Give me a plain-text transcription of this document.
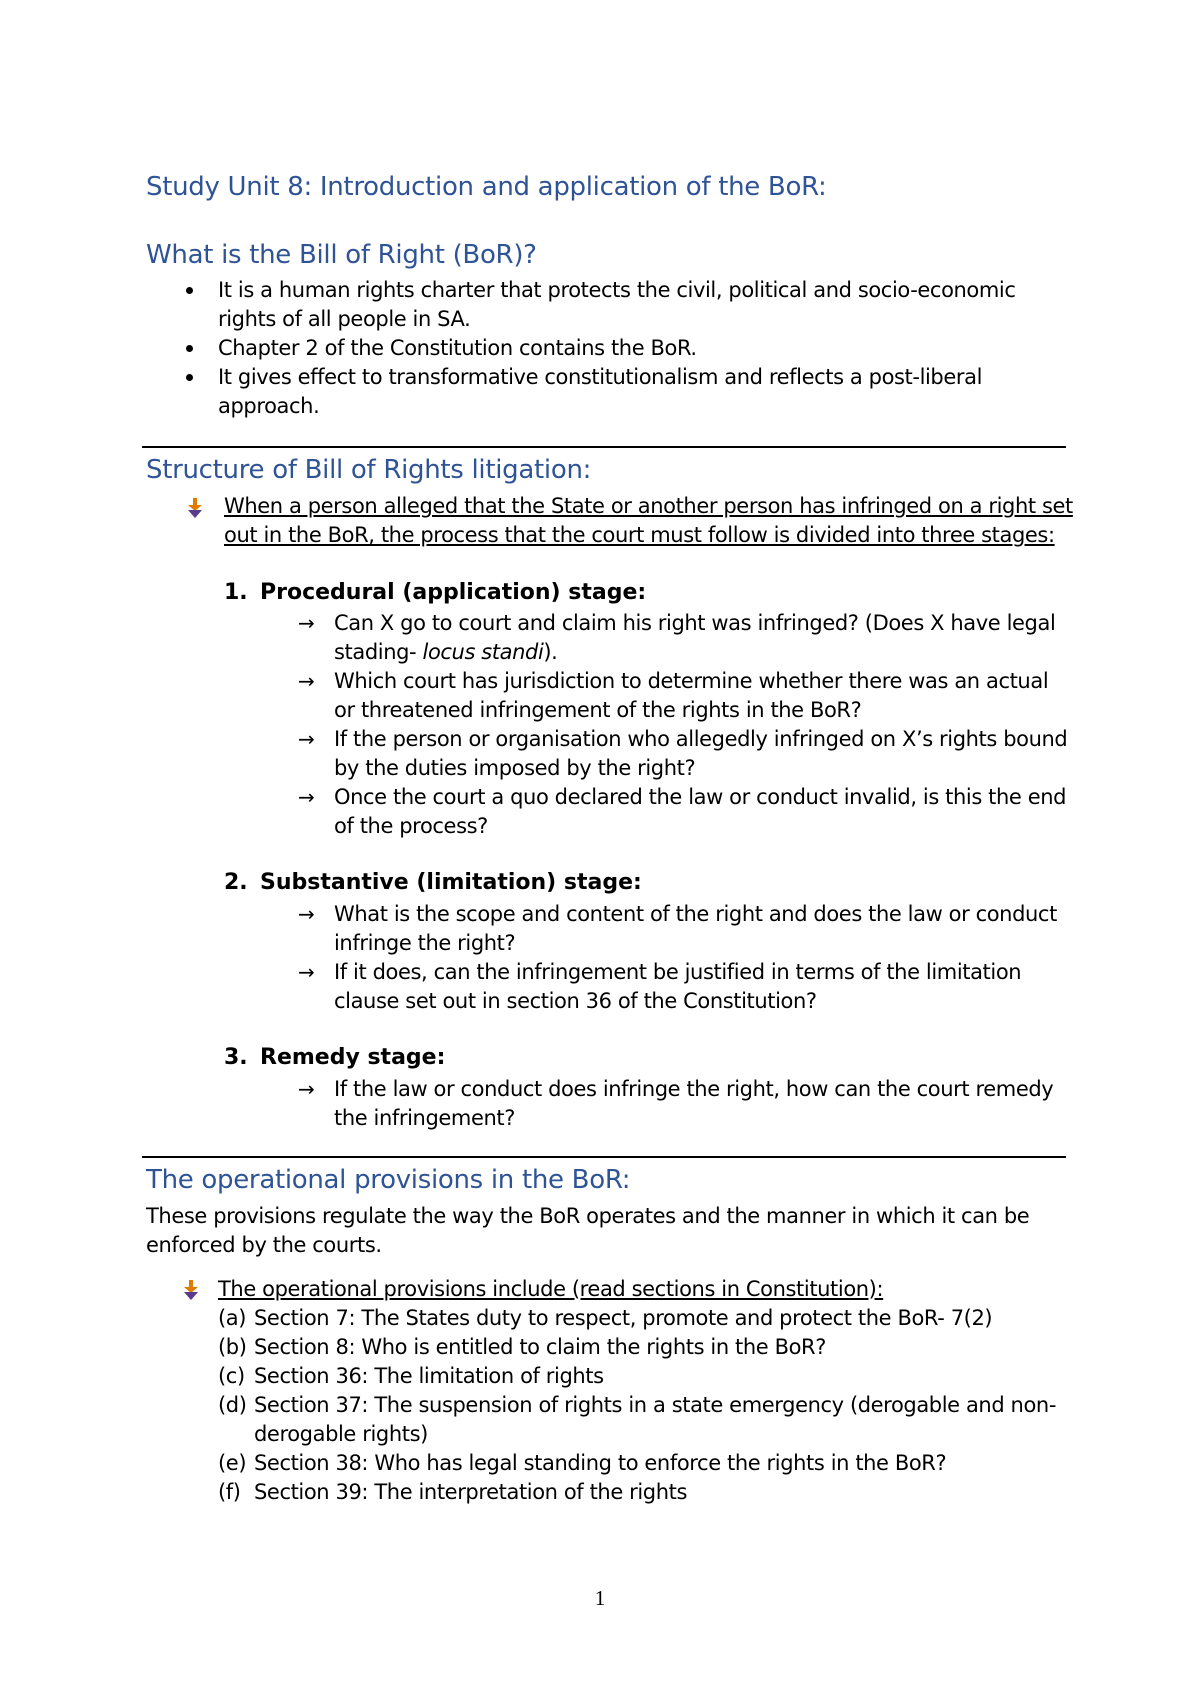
Study Unit 8: Introduction and application of the BoR:
What is the Bill of Right (BoR)?
It is a human rights charter that protects the civil, political and socio-economic rights of all people in SA.
Chapter 2 of the Constitution contains the BoR.
It gives effect to transformative constitutionalism and reflects a post-liberal approach.
Structure of Bill of Rights litigation:

When a person alleged that the State or another person has infringed on a right set out in the BoR, the process that the court must follow is divided into three stages:

1. Procedural (application) stage:
→ Can X go to court and claim his right was infringed? (Does X have legal stading- locus standi).
→ Which court has jurisdiction to determine whether there was an actual or threatened infringement of the rights in the BoR?
→ If the person or organisation who allegedly infringed on X’s rights bound by the duties imposed by the right?
→ Once the court a quo declared the law or conduct invalid, is this the end of the process?
2. Substantive (limitation) stage:
→ What is the scope and content of the right and does the law or conduct infringe the right?
→ If it does, can the infringement be justified in terms of the limitation clause set out in section 36 of the Constitution?
3. Remedy stage:
→ If the law or conduct does infringe the right, how can the court remedy the infringement?
The operational provisions in the BoR:

These provisions regulate the way the BoR operates and the manner in which it can be enforced by the courts.

The operational provisions include (read sections in Constitution):

(a) Section 7: The States duty to respect, promote and protect the BoR- 7(2)
(b) Section 8: Who is entitled to claim the rights in the BoR?
(c) Section 36: The limitation of rights
(d) Section 37: The suspension of rights in a state emergency (derogable and non-derogable rights)
(e) Section 38: Who has legal standing to enforce the rights in the BoR?
(f) Section 39: The interpretation of the rights
1
